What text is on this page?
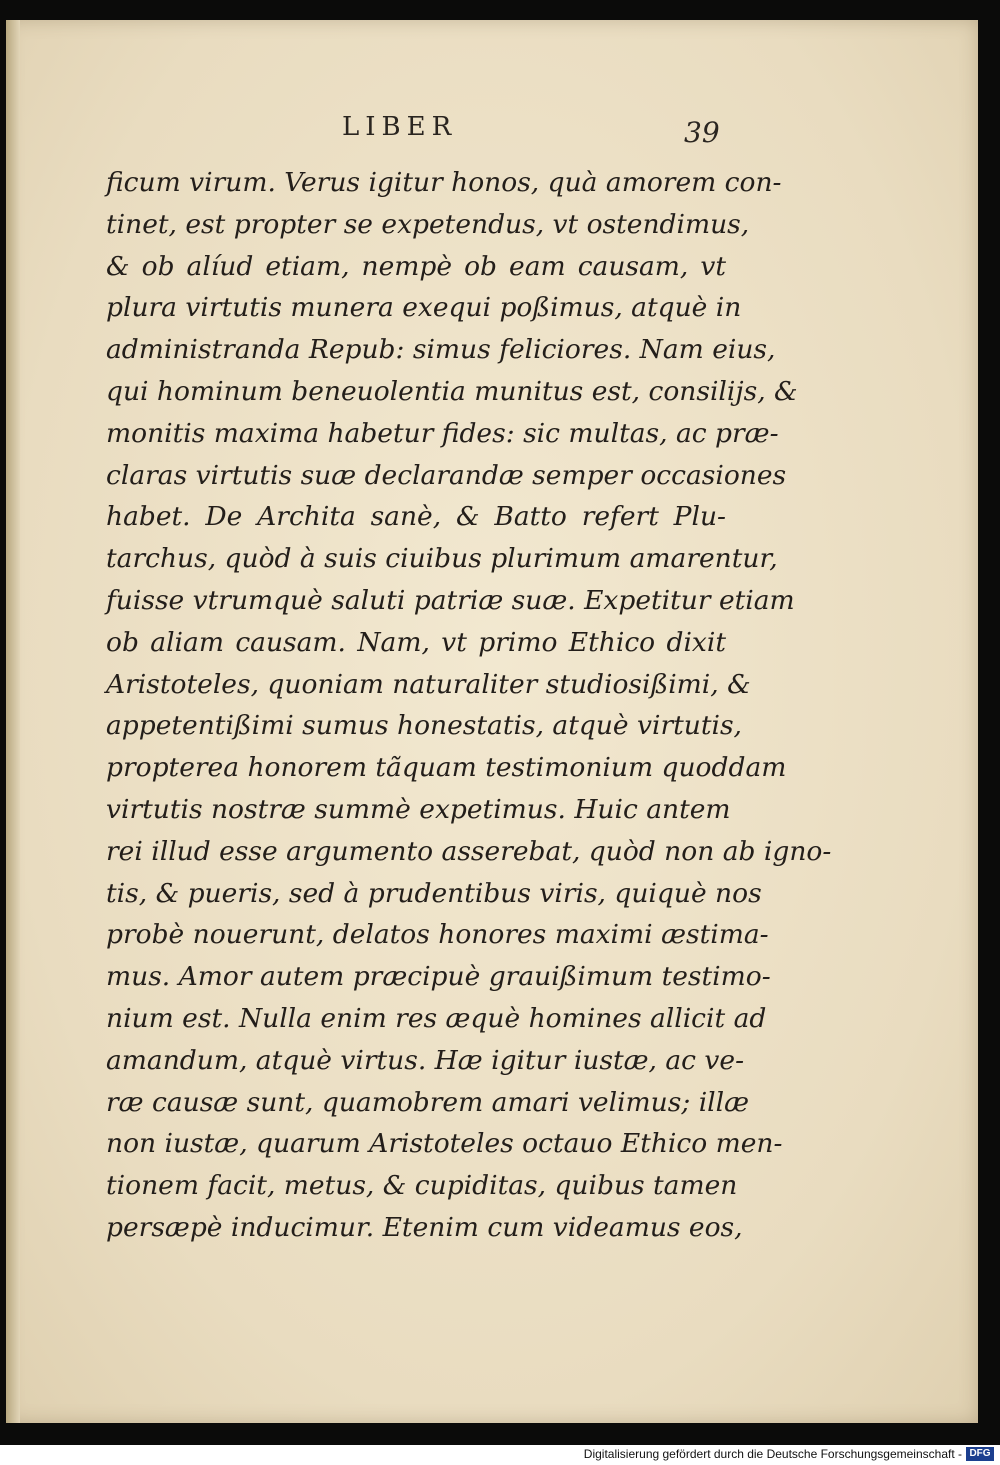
LIBER	39
ficum virum. Verus igitur honos, quà amorem con-
tinet, est propter se expetendus, vt ostendimus,
& ob alíud etiam, nempè ob eam causam, vt
plura virtutis munera exequi poßimus, atquè in
administranda Repub: simus feliciores. Nam eius,
qui hominum beneuolentia munitus est, consilijs, &
monitis maxima habetur fides: sic multas, ac præ-
claras virtutis suæ declarandæ semper occasiones
habet. De Archita sanè, & Batto refert Plu-
tarchus, quòd à suis ciuibus plurimum amarentur,
fuisse vtrumquè saluti patriæ suæ. Expetitur etiam
ob aliam causam. Nam, vt primo Ethico dixit
Aristoteles, quoniam naturaliter studiosißimi, &
appetentißimi sumus honestatis, atquè virtutis,
propterea honorem tãquam testimonium quoddam
virtutis nostræ summè expetimus. Huic antem
rei illud esse argumento asserebat, quòd non ab igno-
tis, & pueris, sed à prudentibus viris, quiquè nos
probè nouerunt, delatos honores maximi æstima-
mus. Amor autem præcipuè grauißimum testimo-
nium est. Nulla enim res æquè homines allicit ad
amandum, atquè virtus. Hæ igitur iustæ, ac ve-
ræ causæ sunt, quamobrem amari velimus; illæ
non iustæ, quarum Aristoteles octauo Ethico men-
tionem facit, metus, & cupiditas, quibus tamen
persæpè inducimur. Etenim cum videamus eos,
Digitalisierung gefördert durch die Deutsche Forschungsgemeinschaft - DFG
